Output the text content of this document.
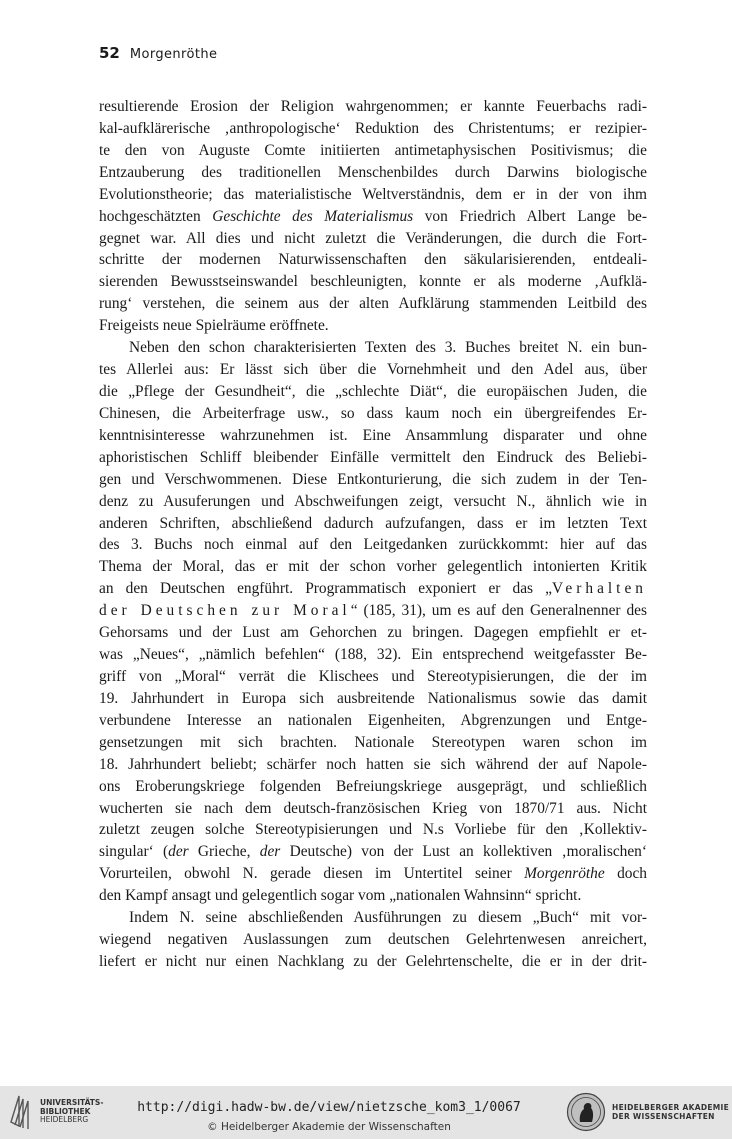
52 Morgenröthe
resultierende Erosion der Religion wahrgenommen; er kannte Feuerbachs radi-
kal-aufklärerische ‚anthropologische‘ Reduktion des Christentums; er rezipier-
te den von Auguste Comte initiierten antimetaphysischen Positivismus; die
Entzauberung des traditionellen Menschenbildes durch Darwins biologische
Evolutionstheorie; das materialistische Weltverständnis, dem er in der von ihm
hochgeschätzten Geschichte des Materialismus von Friedrich Albert Lange be-
gegnet war. All dies und nicht zuletzt die Veränderungen, die durch die Fort-
schritte der modernen Naturwissenschaften den säkularisierenden, entdeali-
sierenden Bewusstseinswandel beschleunigten, konnte er als moderne ‚Aufklä-
rung‘ verstehen, die seinem aus der alten Aufklärung stammenden Leitbild des
Freigeists neue Spielräume eröffnete.
Neben den schon charakterisierten Texten des 3. Buches breitet N. ein bun-
tes Allerlei aus: Er lässt sich über die Vornehmheit und den Adel aus, über
die „Pflege der Gesundheit“, die „schlechte Diät“, die europäischen Juden, die
Chinesen, die Arbeiterfrage usw., so dass kaum noch ein übergreifendes Er-
kenntnisinteresse wahrzunehmen ist. Eine Ansammlung disparater und ohne
aphoristischen Schliff bleibender Einfälle vermittelt den Eindruck des Beliebi-
gen und Verschwommenen. Diese Entkonturierung, die sich zudem in der Ten-
denz zu Ausuferungen und Abschweifungen zeigt, versucht N., ähnlich wie in
anderen Schriften, abschließend dadurch aufzufangen, dass er im letzten Text
des 3. Buchs noch einmal auf den Leitgedanken zurückkommt: hier auf das
Thema der Moral, das er mit der schon vorher gelegentlich intonierten Kritik
an den Deutschen engführt. Programmatisch exponiert er das „Verhalten
der Deutschen zur Moral“ (185, 31), um es auf den Generalnenner des
Gehorsams und der Lust am Gehorchen zu bringen. Dagegen empfiehlt er et-
was „Neues“, „nämlich befehlen“ (188, 32). Ein entsprechend weitgefasster Be-
griff von „Moral“ verrät die Klischees und Stereotypisierungen, die der im
19. Jahrhundert in Europa sich ausbreitende Nationalismus sowie das damit
verbundene Interesse an nationalen Eigenheiten, Abgrenzungen und Entge-
gensetzungen mit sich brachten. Nationale Stereotypen waren schon im
18. Jahrhundert beliebt; schärfer noch hatten sie sich während der auf Napole-
ons Eroberungskriege folgenden Befreiungskriege ausgeprägt, und schließlich
wucherten sie nach dem deutsch-französischen Krieg von 1870/71 aus. Nicht
zuletzt zeugen solche Stereotypisierungen und N.s Vorliebe für den ‚Kollektiv-
singular‘ (der Grieche, der Deutsche) von der Lust an kollektiven ‚moralischen‘
Vorurteilen, obwohl N. gerade diesen im Untertitel seiner Morgenröthe doch
den Kampf ansagt und gelegentlich sogar vom „nationalen Wahnsinn“ spricht.
Indem N. seine abschließenden Ausführungen zu diesem „Buch“ mit vor-
wiegend negativen Auslassungen zum deutschen Gelehrtenwesen anreichert,
liefert er nicht nur einen Nachklang zu der Gelehrtenschelte, die er in der drit-
UNIVERSITÄTS-
BIBLIOTHEK
HEIDELBERG
http://digi.hadw-bw.de/view/nietzsche_kom3_1/0067
© Heidelberger Akademie der Wissenschaften
HEIDELBERGER AKADEMIE
DER WISSENSCHAFTEN
